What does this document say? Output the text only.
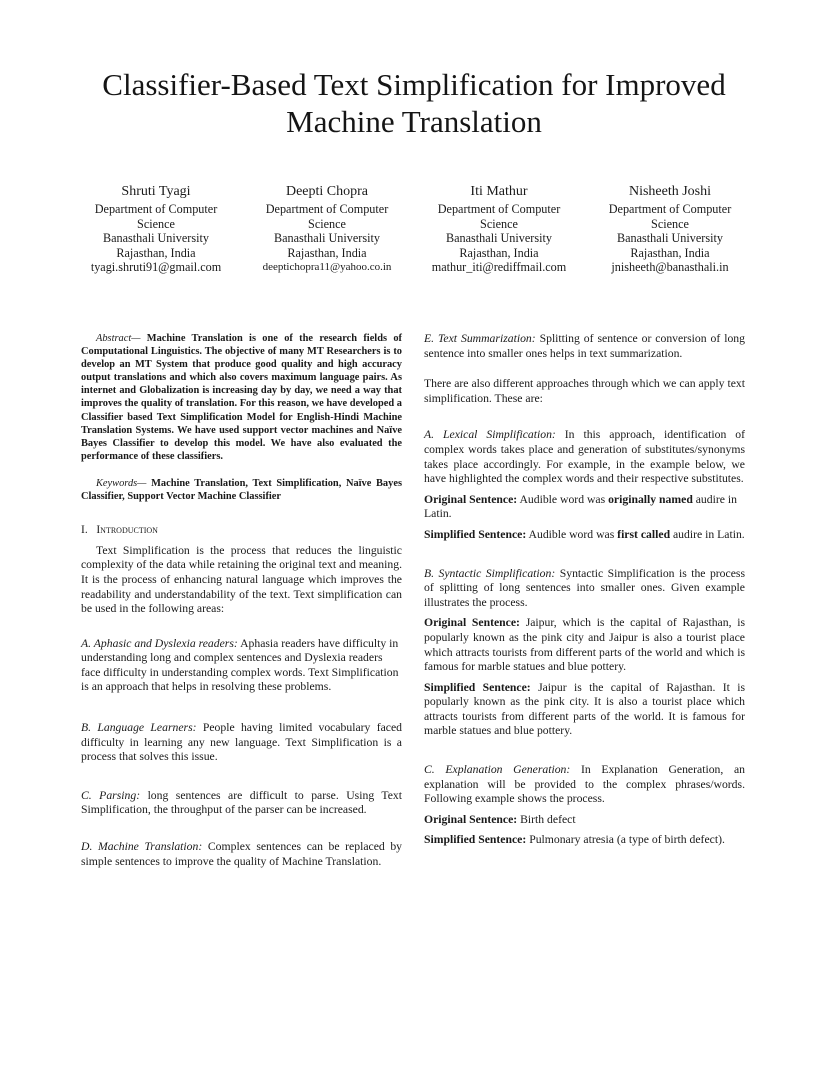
Classifier-Based Text Simplification for Improved Machine Translation
Shruti Tyagi
Department of Computer
Science
Banasthali University
Rajasthan, India
tyagi.shruti91@gmail.com
Deepti Chopra
Department of Computer
Science
Banasthali University
Rajasthan, India
deeptichopra11@yahoo.co.in
Iti Mathur
Department of Computer
Science
Banasthali University
Rajasthan, India
mathur_iti@rediffmail.com
Nisheeth Joshi
Department of Computer
Science
Banasthali University
Rajasthan, India
jnisheeth@banasthali.in

Abstract— Machine Translation is one of the research fields of Computational Linguistics. The objective of many MT Researchers is to develop an MT System that produce good quality and high accuracy output translations and which also covers maximum language pairs. As internet and Globalization is increasing day by day, we need a way that improves the quality of translation. For this reason, we have developed a Classifier based Text Simplification Model for English-Hindi Machine Translation Systems. We have used support vector machines and Naïve Bayes Classifier to develop this model. We have also evaluated the performance of these classifiers.

Keywords— Machine Translation, Text Simplification, Naïve Bayes Classifier, Support Vector Machine Classifier

I. Introduction

Text Simplification is the process that reduces the linguistic complexity of the data while retaining the original text and meaning. It is the process of enhancing natural language which improves the readability and understandability of the text. Text simplification can be used in the following areas:

A. Aphasic and Dyslexia readers: Aphasia readers have difficulty in understanding long and complex sentences and Dyslexia readers face difficulty in understanding complex words. Text Simplification is an approach that helps in resolving these problems.

B. Language Learners: People having limited vocabulary faced difficulty in learning any new language. Text Simplification is a process that solves this issue.

C. Parsing: long sentences are difficult to parse. Using Text Simplification, the throughput of the parser can be increased.

D. Machine Translation: Complex sentences can be replaced by simple sentences to improve the quality of Machine Translation.

E. Text Summarization: Splitting of sentence or conversion of long sentence into smaller ones helps in text summarization.

There are also different approaches through which we can apply text simplification. These are:

A. Lexical Simplification: In this approach, identification of complex words takes place and generation of substitutes/synonyms takes place accordingly. For example, in the example below, we have highlighted the complex words and their respective substitutes.

Original Sentence: Audible word was originally named audire in Latin.

Simplified Sentence: Audible word was first called audire in Latin.

B. Syntactic Simplification: Syntactic Simplification is the process of splitting of long sentences into smaller ones. Given example illustrates the process.

Original Sentence: Jaipur, which is the capital of Rajasthan, is popularly known as the pink city and Jaipur is also a tourist place which attracts tourists from different parts of the world and which is famous for marble statues and blue pottery.

Simplified Sentence: Jaipur is the capital of Rajasthan. It is popularly known as the pink city. It is also a tourist place which attracts tourists from different parts of the world. It is famous for marble statues and blue pottery.

C. Explanation Generation: In Explanation Generation, an explanation will be provided to the complex phrases/words. Following example shows the process.

Original Sentence: Birth defect

Simplified Sentence: Pulmonary atresia (a type of birth defect).
